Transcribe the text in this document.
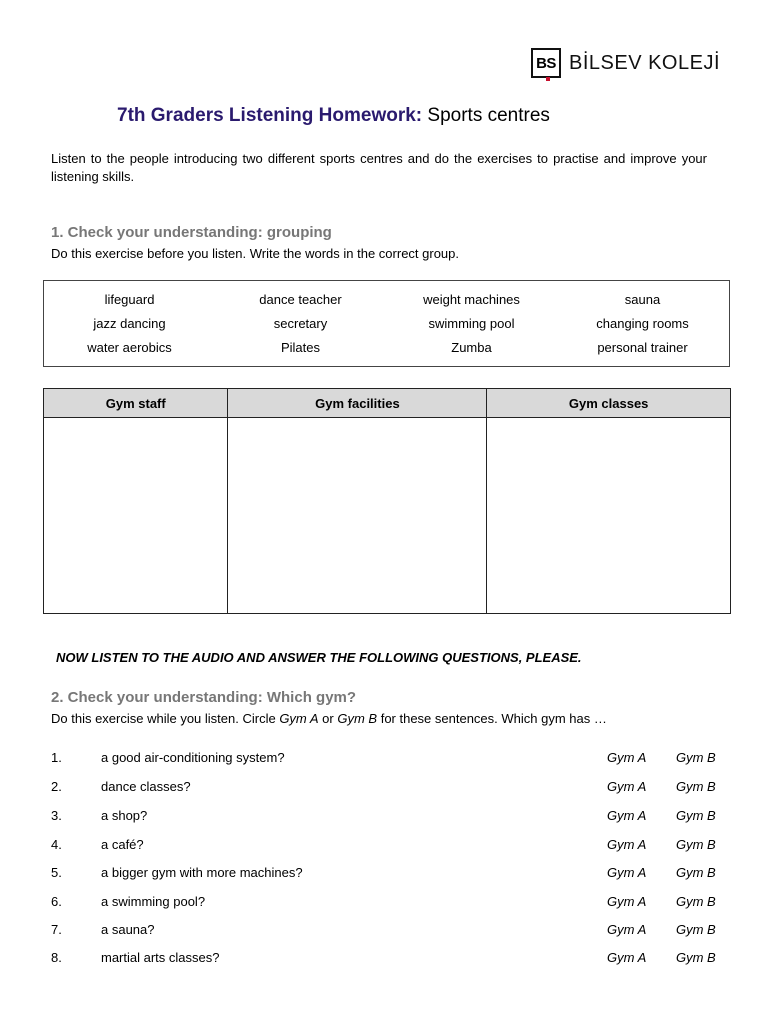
BS BİLSEV KOLEJİ
7th Graders Listening Homework: Sports centres
Listen to the people introducing two different sports centres and do the exercises to practise and improve your listening skills.
1. Check your understanding: grouping
Do this exercise before you listen. Write the words in the correct group.
lifeguard	dance teacher	weight machines	sauna
jazz dancing	secretary	swimming pool	changing rooms
water aerobics	Pilates	Zumba	personal trainer
Gym staff	Gym facilities	Gym classes

NOW LISTEN TO THE AUDIO AND ANSWER THE FOLLOWING QUESTIONS, PLEASE.
2. Check your understanding: Which gym?
Do this exercise while you listen. Circle Gym A or Gym B for these sentences. Which gym has …
1.	a good air-conditioning system?	Gym A Gym B
2.	dance classes?	Gym A Gym B
3.	a shop?	Gym A Gym B
4.	a café?	Gym A Gym B
5.	a bigger gym with more machines?	Gym A Gym B
6.	a swimming pool?	Gym A Gym B
7.	a sauna?	Gym A Gym B
8.	martial arts classes?	Gym A Gym B
